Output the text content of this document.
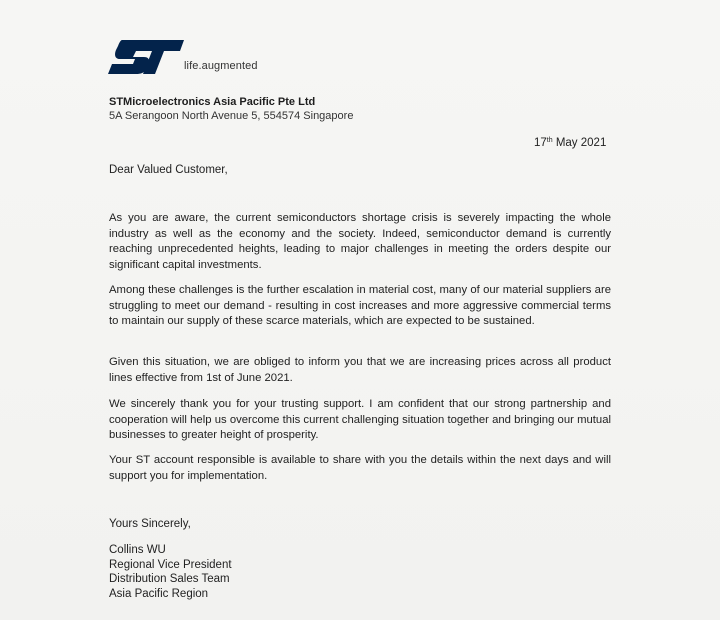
life.augmented
STMicroelectronics Asia Pacific Pte Ltd
5A Serangoon North Avenue 5, 554574 Singapore
17th May 2021
Dear Valued Customer,
As you are aware, the current semiconductors shortage crisis is severely impacting the whole industry as well as the economy and the society. Indeed, semiconductor demand is currently reaching unprecedented heights, leading to major challenges in meeting the orders despite our significant capital investments.
Among these challenges is the further escalation in material cost, many of our material suppliers are struggling to meet our demand - resulting in cost increases and more aggressive commercial terms to maintain our supply of these scarce materials, which are expected to be sustained.
Given this situation, we are obliged to inform you that we are increasing prices across all product lines effective from 1st of June 2021.
We sincerely thank you for your trusting support. I am confident that our strong partnership and cooperation will help us overcome this current challenging situation together and bringing our mutual businesses to greater height of prosperity.
Your ST account responsible is available to share with you the details within the next days and will support you for implementation.
Yours Sincerely,
Collins WU
Regional Vice President
Distribution Sales Team
Asia Pacific Region
